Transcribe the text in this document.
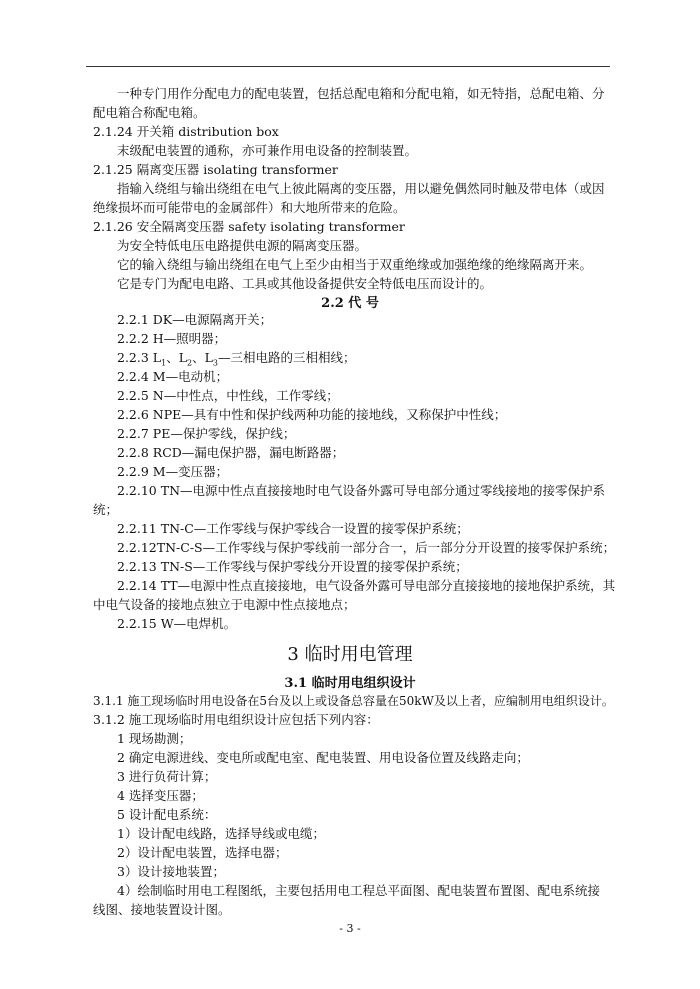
一种专门用作分配电力的配电装置，包括总配电箱和分配电箱，如无特指，总配电箱、分
配电箱合称配电箱。
2.1.24 开关箱 distribution box
末级配电装置的通称，亦可兼作用电设备的控制装置。
2.1.25 隔离变压器 isolating transformer
指输入绕组与输出绕组在电气上彼此隔离的变压器，用以避免偶然同时触及带电体（或因
绝缘损坏而可能带电的金属部件）和大地所带来的危险。
2.1.26 安全隔离变压器 safety isolating transformer
为安全特低电压电路提供电源的隔离变压器。
它的输入绕组与输出绕组在电气上至少由相当于双重绝缘或加强绝缘的绝缘隔离开来。
它是专门为配电电路、工具或其他设备提供安全特低电压而设计的。
2.2 代 号
2.2.1 DK—电源隔离开关；
2.2.2 H—照明器；
2.2.3 $L_1$、$L_2$、$L_3—$三相电路的三相相线；
2.2.4 M—电动机；
2.2.5 N—中性点，中性线，工作零线；
2.2.6 NPE—具有中性和保护线两种功能的接地线，又称保护中性线；
2.2.7 PE—保护零线，保护线；
2.2.8 RCD—漏电保护器，漏电断路器；
2.2.9 M—变压器；
2.2.10 TN—电源中性点直接接地时电气设备外露可导电部分通过零线接地的接零保护系
统；
2.2.11 TN-C—工作零线与保护零线合一设置的接零保护系统；
2.2.12TN-C-S—工作零线与保护零线前一部分合一，后一部分分开设置的接零保护系统；
2.2.13 TN-S—工作零线与保护零线分开设置的接零保护系统；
2.2.14 TT—电源中性点直接接地，电气设备外露可导电部分直接接地的接地保护系统，其
中电气设备的接地点独立于电源中性点接地点；
2.2.15 W—电焊机。
3 临时用电管理
3.1 临时用电组织设计
3.1.1 施工现场临时用电设备在5台及以上或设备总容量在50kW及以上者，应编制用电组织设计。
3.1.2 施工现场临时用电组织设计应包括下列内容：
1 现场勘测；
2 确定电源进线、变电所或配电室、配电装置、用电设备位置及线路走向；
3 进行负荷计算；
4 选择变压器；
5 设计配电系统：
1）设计配电线路，选择导线或电缆；
2）设计配电装置，选择电器；
3）设计接地装置；
4）绘制临时用电工程图纸，主要包括用电工程总平面图、配电装置布置图、配电系统接
线图、接地装置设计图。
- 3 -
